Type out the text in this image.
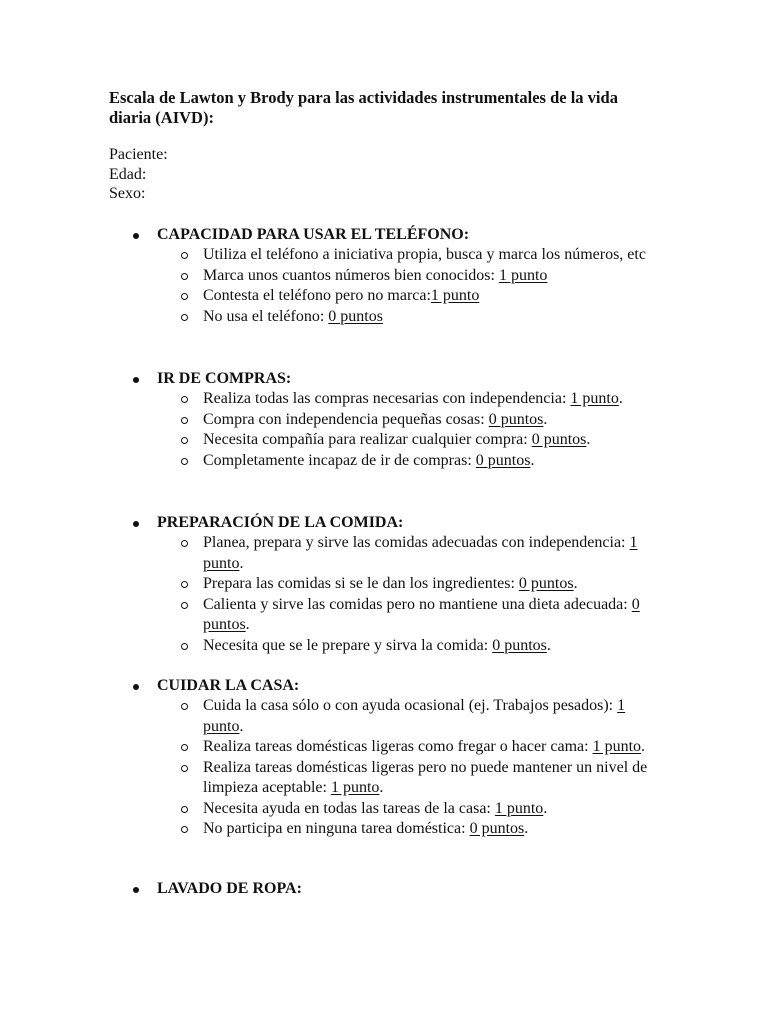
Escala de Lawton y Brody para las actividades instrumentales de la vida diaria (AIVD):
Paciente:
Edad:
Sexo:
CAPACIDAD PARA USAR EL TELÉFONO:
Utiliza el teléfono a iniciativa propia, busca y marca los números, etc
Marca unos cuantos números bien conocidos: 1 punto
Contesta el teléfono pero no marca:1 punto
No usa el teléfono: 0 puntos
IR DE COMPRAS:
Realiza todas las compras necesarias con independencia: 1 punto.
Compra con independencia pequeñas cosas: 0 puntos.
Necesita compañía para realizar cualquier compra: 0 puntos.
Completamente incapaz de ir de compras: 0 puntos.
PREPARACIÓN DE LA COMIDA:
Planea, prepara y sirve las comidas adecuadas con independencia: 1 punto.
Prepara las comidas si se le dan los ingredientes: 0 puntos.
Calienta y sirve las comidas pero no mantiene una dieta adecuada: 0 puntos.
Necesita que se le prepare y sirva la comida: 0 puntos.
CUIDAR LA CASA:
Cuida la casa sólo o con ayuda ocasional (ej. Trabajos pesados): 1 punto.
Realiza tareas domésticas ligeras como fregar o hacer cama: 1 punto.
Realiza tareas domésticas ligeras pero no puede mantener un nivel de limpieza aceptable: 1 punto.
Necesita ayuda en todas las tareas de la casa: 1 punto.
No participa en ninguna tarea doméstica: 0 puntos.
LAVADO DE ROPA:
